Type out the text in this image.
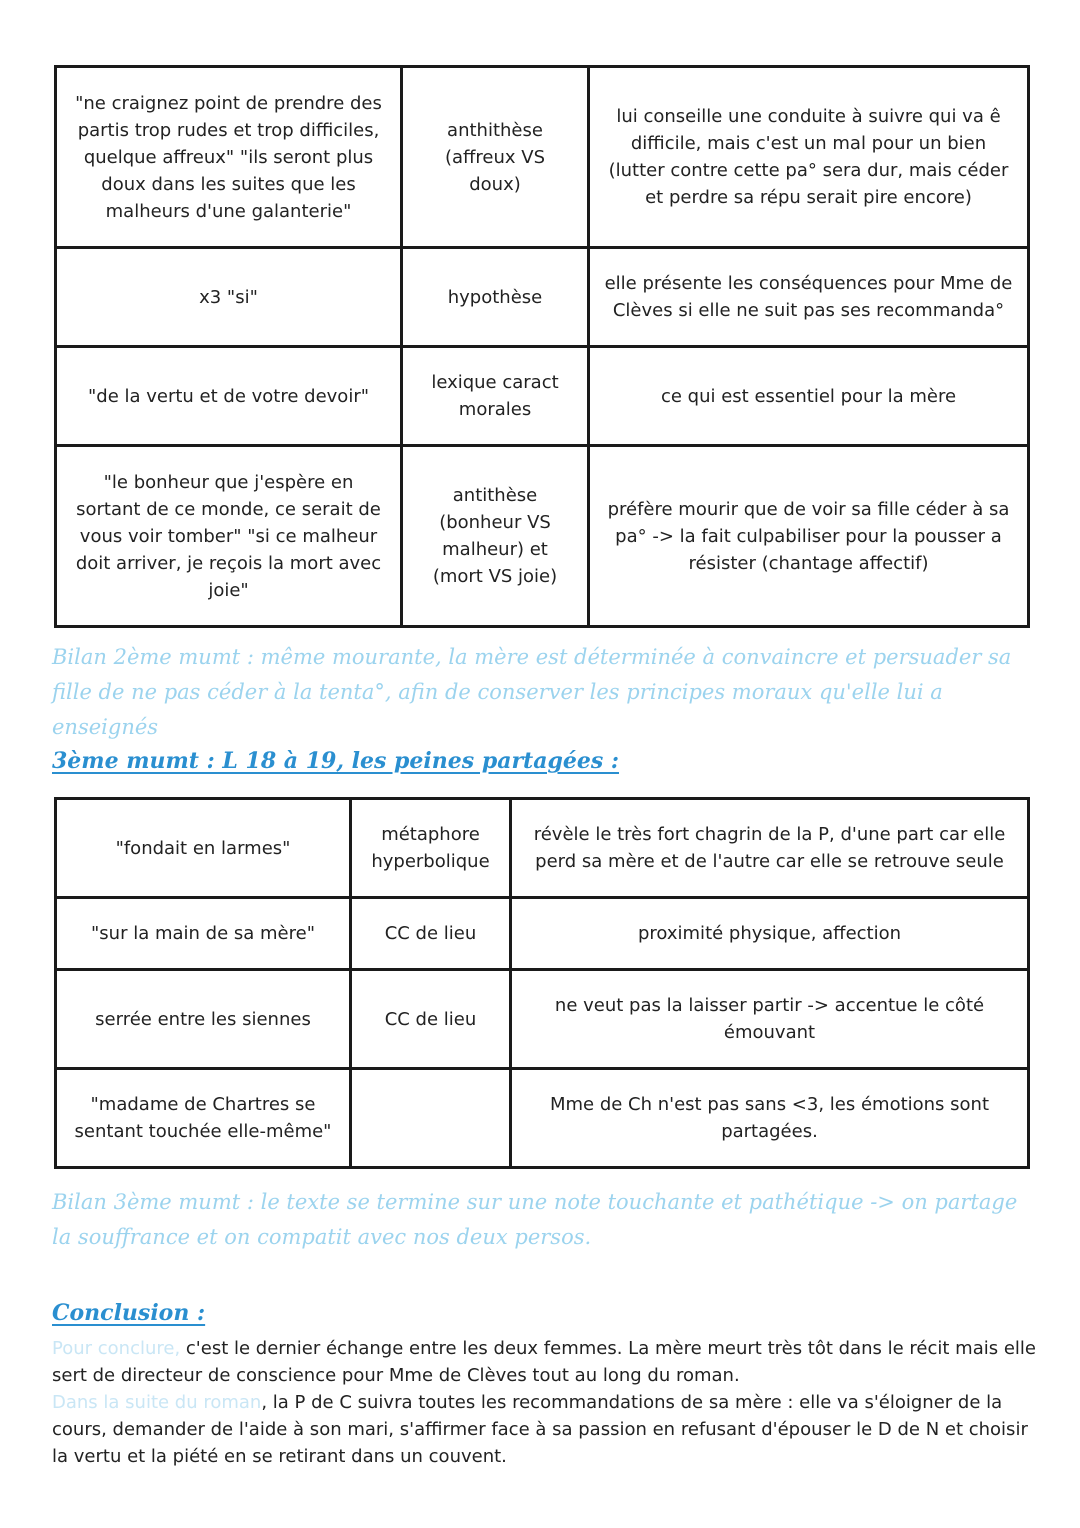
"ne craignez point de prendre des partis trop rudes et trop difficiles, quelque affreux" "ils seront plus doux dans les suites que les malheurs d'une galanterie"	anthithèse (affreux VS doux)	lui conseille une conduite à suivre qui va ê difficile, mais c'est un mal pour un bien (lutter contre cette pa° sera dur, mais céder et perdre sa répu serait pire encore)
x3 "si"	hypothèse	elle présente les conséquences pour Mme de Clèves si elle ne suit pas ses recommanda°
"de la vertu et de votre devoir"	lexique caract morales	ce qui est essentiel pour la mère
"le bonheur que j'espère en sortant de ce monde, ce serait de vous voir tomber" "si ce malheur doit arriver, je reçois la mort avec joie"	antithèse (bonheur VS malheur) et (mort VS joie)	préfère mourir que de voir sa fille céder à sa pa° -> la fait culpabiliser pour la pousser a résister (chantage affectif)
Bilan 2ème mumt : même mourante, la mère est déterminée à convaincre et persuader sa fille de ne pas céder à la tenta°, afin de conserver les principes moraux qu'elle lui a enseignés
3ème mumt : L 18 à 19, les peines partagées :
"fondait en larmes"	métaphore hyperbolique	révèle le très fort chagrin de la P, d'une part car elle perd sa mère et de l'autre car elle se retrouve seule
"sur la main de sa mère"	CC de lieu	proximité physique, affection
serrée entre les siennes	CC de lieu	ne veut pas la laisser partir -> accentue le côté émouvant
"madame de Chartres se sentant touchée elle-même"		Mme de Ch n'est pas sans <3, les émotions sont partagées.
Bilan 3ème mumt : le texte se termine sur une note touchante et pathétique -> on partage la souffrance et on compatit avec nos deux persos.
Conclusion :
Pour conclure, c'est le dernier échange entre les deux femmes. La mère meurt très tôt dans le récit mais elle sert de directeur de conscience pour Mme de Clèves tout au long du roman.
Dans la suite du roman, la P de C suivra toutes les recommandations de sa mère : elle va s'éloigner de la cours, demander de l'aide à son mari, s'affirmer face à sa passion en refusant d'épouser le D de N et choisir la vertu et la piété en se retirant dans un couvent.
